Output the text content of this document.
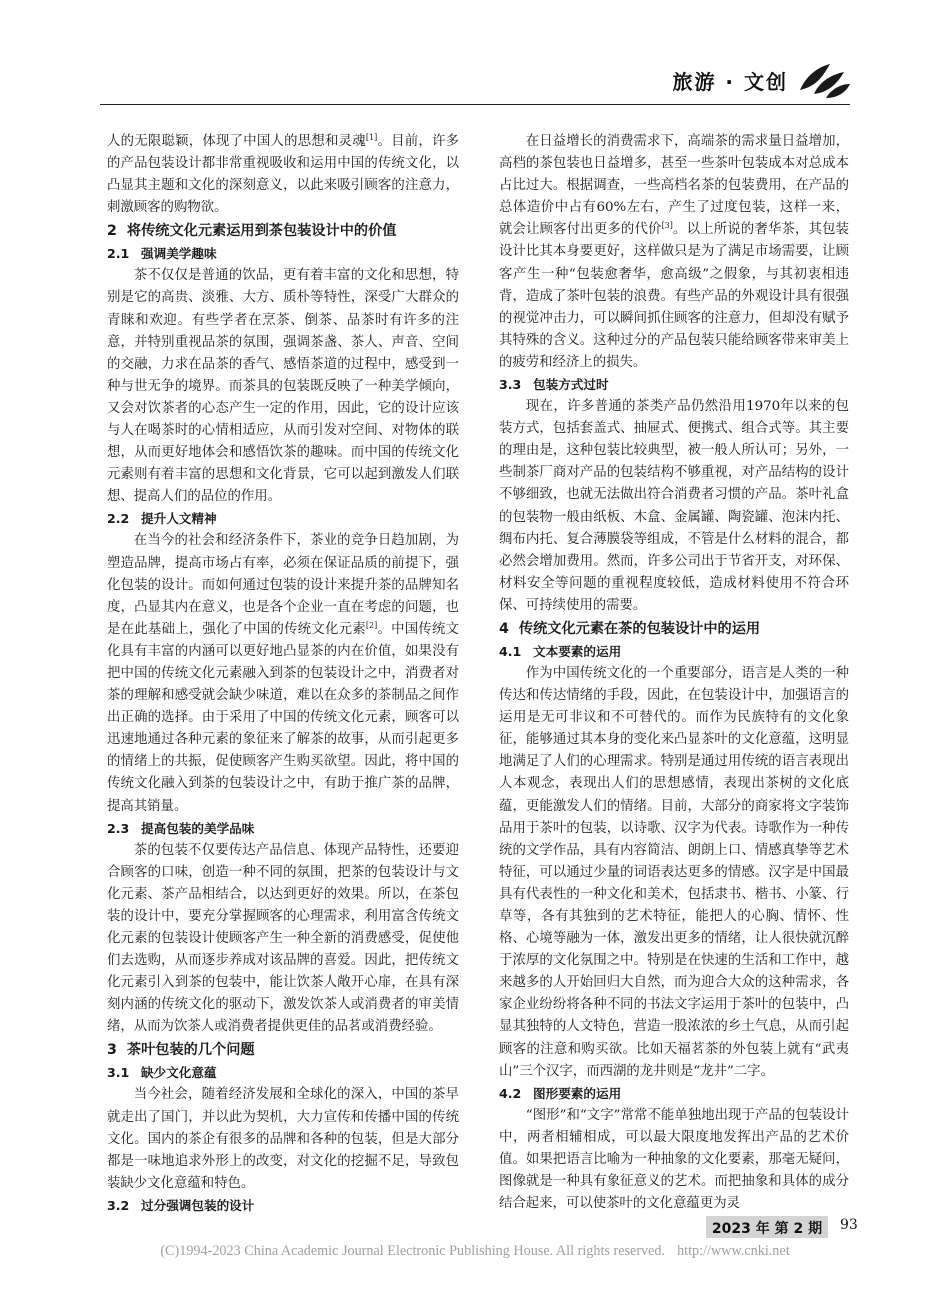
旅游 · 文创

人的无限聪颖，体现了中国人的思想和灵魂[1]。目前，许多的产品包装设计都非常重视吸收和运用中国的传统文化，以凸显其主题和文化的深刻意义，以此来吸引顾客的注意力，刺激顾客的购物欲。

2 将传统文化元素运用到茶包装设计中的价值
2.1 强调美学趣味

茶不仅仅是普通的饮品，更有着丰富的文化和思想，特别是它的高贵、淡雅、大方、质朴等特性，深受广大群众的青睐和欢迎。有些学者在烹茶、倒茶、品茶时有许多的注意，并特别重视品茶的氛围，强调茶盏、茶人、声音、空间的交融，力求在品茶的香气、感悟茶道的过程中，感受到一种与世无争的境界。而茶具的包装既反映了一种美学倾向，又会对饮茶者的心态产生一定的作用，因此，它的设计应该与人在喝茶时的心情相适应，从而引发对空间、对物体的联想，从而更好地体会和感悟饮茶的趣味。而中国的传统文化元素则有着丰富的思想和文化背景，它可以起到激发人们联想、提高人们的品位的作用。

2.2 提升人文精神

在当今的社会和经济条件下，茶业的竞争日趋加剧，为塑造品牌，提高市场占有率，必须在保证品质的前提下，强化包装的设计。而如何通过包装的设计来提升茶的品牌知名度，凸显其内在意义，也是各个企业一直在考虑的问题，也是在此基础上，强化了中国的传统文化元素[2]。中国传统文化具有丰富的内涵可以更好地凸显茶的内在价值，如果没有把中国的传统文化元素融入到茶的包装设计之中，消费者对茶的理解和感受就会缺少味道，难以在众多的茶制品之间作出正确的选择。由于采用了中国的传统文化元素，顾客可以迅速地通过各种元素的象征来了解茶的故事，从而引起更多的情绪上的共振，促使顾客产生购买欲望。因此，将中国的传统文化融入到茶的包装设计之中，有助于推广茶的品牌，提高其销量。

2.3 提高包装的美学品味

茶的包装不仅要传达产品信息、体现产品特性，还要迎合顾客的口味，创造一种不同的氛围，把茶的包装设计与文化元素、茶产品相结合，以达到更好的效果。所以，在茶包装的设计中，要充分掌握顾客的心理需求，利用富含传统文化元素的包装设计使顾客产生一种全新的消费感受，促使他们去选购，从而逐步养成对该品牌的喜爱。因此，把传统文化元素引入到茶的包装中，能让饮茶人敞开心扉，在具有深刻内涵的传统文化的驱动下，激发饮茶人或消费者的审美情绪，从而为饮茶人或消费者提供更佳的品茗或消费经验。

3 茶叶包装的几个问题
3.1 缺少文化意蕴

当今社会，随着经济发展和全球化的深入，中国的茶早就走出了国门，并以此为契机，大力宣传和传播中国的传统文化。国内的茶企有很多的品牌和各种的包装，但是大部分都是一味地追求外形上的改变，对文化的挖掘不足，导致包装缺少文化意蕴和特色。

3.2 过分强调包装的设计

在日益增长的消费需求下，高端茶的需求量日益增加，高档的茶包装也日益增多，甚至一些茶叶包装成本对总成本占比过大。根据调查，一些高档名茶的包装费用，在产品的总体造价中占有60%左右，产生了过度包装，这样一来，就会让顾客付出更多的代价[3]。以上所说的奢华茶，其包装设计比其本身要更好，这样做只是为了满足市场需要，让顾客产生一种“包装愈奢华，愈高级”之假象，与其初衷相违背，造成了茶叶包装的浪费。有些产品的外观设计具有很强的视觉冲击力，可以瞬间抓住顾客的注意力，但却没有赋予其特殊的含义。这种过分的产品包装只能给顾客带来审美上的疲劳和经济上的损失。

3.3 包装方式过时

现在，许多普通的茶类产品仍然沿用1970年以来的包装方式，包括套盖式、抽屉式、便携式、组合式等。其主要的理由是，这种包装比较典型，被一般人所认可；另外，一些制茶厂商对产品的包装结构不够重视，对产品结构的设计不够细致，也就无法做出符合消费者习惯的产品。茶叶礼盒的包装物一般由纸板、木盒、金属罐、陶瓷罐、泡沫内托、绸布内托、复合薄膜袋等组成，不管是什么材料的混合，都必然会增加费用。然而，许多公司出于节省开支，对环保、材料安全等问题的重视程度较低，造成材料使用不符合环保、可持续使用的需要。

4 传统文化元素在茶的包装设计中的运用
4.1 文本要素的运用

作为中国传统文化的一个重要部分，语言是人类的一种传达和传达情绪的手段，因此，在包装设计中，加强语言的运用是无可非议和不可替代的。而作为民族特有的文化象征，能够通过其本身的变化来凸显茶叶的文化意蕴，这明显地满足了人们的心理需求。特别是通过用传统的语言表现出人本观念，表现出人们的思想感情，表现出茶树的文化底蕴，更能激发人们的情绪。目前，大部分的商家将文字装饰品用于茶叶的包装，以诗歌、汉字为代表。诗歌作为一种传统的文学作品，具有内容简洁、朗朗上口、情感真挚等艺术特征，可以通过少量的词语表达更多的情感。汉字是中国最具有代表性的一种文化和美术，包括隶书、楷书、小篆、行草等，各有其独到的艺术特征，能把人的心胸、情怀、性格、心境等融为一体，激发出更多的情绪，让人很快就沉醉于浓厚的文化氛围之中。特别是在快速的生活和工作中，越来越多的人开始回归大自然，而为迎合大众的这种需求，各家企业纷纷将各种不同的书法文字运用于茶叶的包装中，凸显其独特的人文特色，营造一股浓浓的乡土气息，从而引起顾客的注意和购买欲。比如天福茗茶的外包装上就有“武夷山”三个汉字，而西湖的龙井则是“龙井”二字。

4.2 图形要素的运用

“图形”和“文字”常常不能单独地出现于产品的包装设计中，两者相辅相成，可以最大限度地发挥出产品的艺术价值。如果把语言比喻为一种抽象的文化要素，那毫无疑问，图像就是一种具有象征意义的艺术。而把抽象和具体的成分结合起来，可以使茶叶的文化意蕴更为灵

2023 年 第 2 期	93
(C)1994-2023 China Academic Journal Electronic Publishing House. All rights reserved. http://www.cnki.net
